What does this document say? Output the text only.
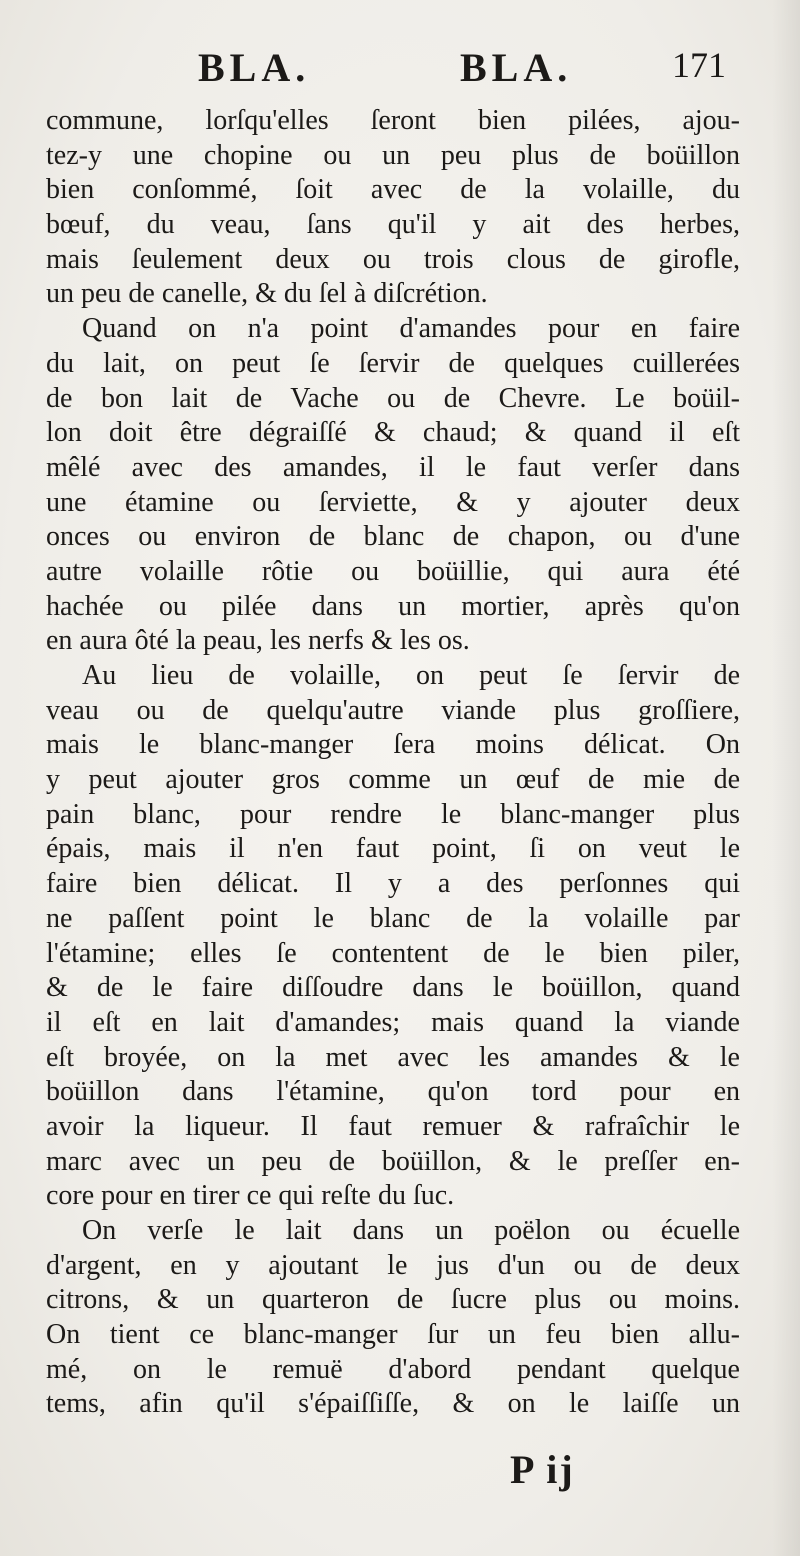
BLA.	BLA.	171
commune, lorſqu'elles ſeront bien pilées, ajou-
tez-y une chopine ou un peu plus de boüillon
bien conſommé, ſoit avec de la volaille, du
bœuf, du veau, ſans qu'il y ait des herbes,
mais ſeulement deux ou trois clous de girofle,
un peu de canelle, & du ſel à diſcrétion.
Quand on n'a point d'amandes pour en faire
du lait, on peut ſe ſervir de quelques cuillerées
de bon lait de Vache ou de Chevre. Le boüil-
lon doit être dégraiſſé & chaud; & quand il eſt
mêlé avec des amandes, il le faut verſer dans
une étamine ou ſerviette, & y ajouter deux
onces ou environ de blanc de chapon, ou d'une
autre volaille rôtie ou boüillie, qui aura été
hachée ou pilée dans un mortier, après qu'on
en aura ôté la peau, les nerfs & les os.
Au lieu de volaille, on peut ſe ſervir de
veau ou de quelqu'autre viande plus groſſiere,
mais le blanc-manger ſera moins délicat. On
y peut ajouter gros comme un œuf de mie de
pain blanc, pour rendre le blanc-manger plus
épais, mais il n'en faut point, ſi on veut le
faire bien délicat. Il y a des perſonnes qui
ne paſſent point le blanc de la volaille par
l'étamine; elles ſe contentent de le bien piler,
& de le faire diſſoudre dans le boüillon, quand
il eſt en lait d'amandes; mais quand la viande
eſt broyée, on la met avec les amandes & le
boüillon dans l'étamine, qu'on tord pour en
avoir la liqueur. Il faut remuer & rafraîchir le
marc avec un peu de boüillon, & le preſſer en-
core pour en tirer ce qui reſte du ſuc.
On verſe le lait dans un poëlon ou écuelle
d'argent, en y ajoutant le jus d'un ou de deux
citrons, & un quarteron de ſucre plus ou moins.
On tient ce blanc-manger ſur un feu bien allu-
mé, on le remuë d'abord pendant quelque
tems, afin qu'il s'épaiſſiſſe, & on le laiſſe un
P ij
